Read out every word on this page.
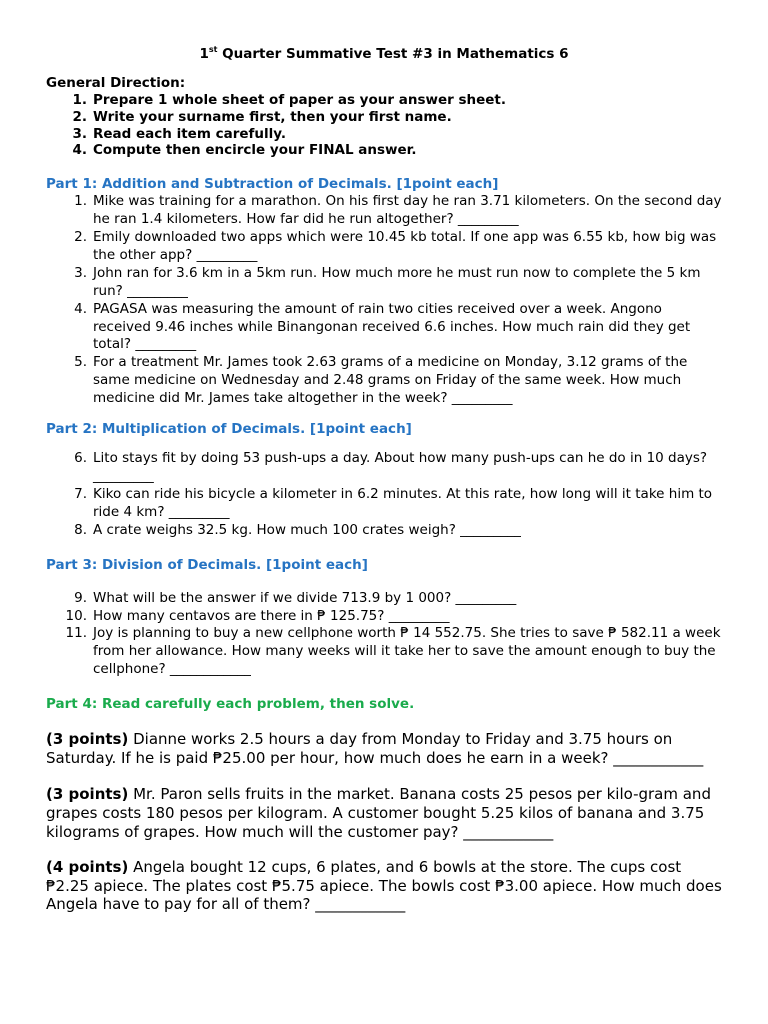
1st Quarter Summative Test #3 in Mathematics 6
General Direction:
1. Prepare 1 whole sheet of paper as your answer sheet.
2. Write your surname first, then your first name.
3. Read each item carefully.
4. Compute then encircle your FINAL answer.
Part 1: Addition and Subtraction of Decimals. [1point each]
1. Mike was training for a marathon. On his first day he ran 3.71 kilometers. On the second day he ran 1.4 kilometers. How far did he run altogether? _________
2. Emily downloaded two apps which were 10.45 kb total. If one app was 6.55 kb, how big was the other app? _________
3. John ran for 3.6 km in a 5km run. How much more he must run now to complete the 5 km run? _________
4. PAGASA was measuring the amount of rain two cities received over a week. Angono received 9.46 inches while Binangonan received 6.6 inches. How much rain did they get total? _________
5. For a treatment Mr. James took 2.63 grams of a medicine on Monday, 3.12 grams of the same medicine on Wednesday and 2.48 grams on Friday of the same week. How much medicine did Mr. James take altogether in the week? _________
Part 2: Multiplication of Decimals. [1point each]
6. Lito stays fit by doing 53 push-ups a day. About how many push-ups can he do in 10 days? _________
7. Kiko can ride his bicycle a kilometer in 6.2 minutes. At this rate, how long will it take him to ride 4 km? _________
8. A crate weighs 32.5 kg. How much 100 crates weigh? _________
Part 3: Division of Decimals. [1point each]
9. What will be the answer if we divide 713.9 by 1 000? _________
10. How many centavos are there in ₱ 125.75? _________
11. Joy is planning to buy a new cellphone worth ₱ 14 552.75. She tries to save ₱ 582.11 a week from her allowance. How many weeks will it take her to save the amount enough to buy the cellphone? ____________
Part 4: Read carefully each problem, then solve.
(3 points) Dianne works 2.5 hours a day from Monday to Friday and 3.75 hours on Saturday. If he is paid ₱25.00 per hour, how much does he earn in a week? ____________
(3 points) Mr. Paron sells fruits in the market. Banana costs 25 pesos per kilo-gram and grapes costs 180 pesos per kilogram. A customer bought 5.25 kilos of banana and 3.75 kilograms of grapes. How much will the customer pay? ____________
(4 points) Angela bought 12 cups, 6 plates, and 6 bowls at the store. The cups cost ₱2.25 apiece. The plates cost ₱5.75 apiece. The bowls cost ₱3.00 apiece. How much does Angela have to pay for all of them? ____________
